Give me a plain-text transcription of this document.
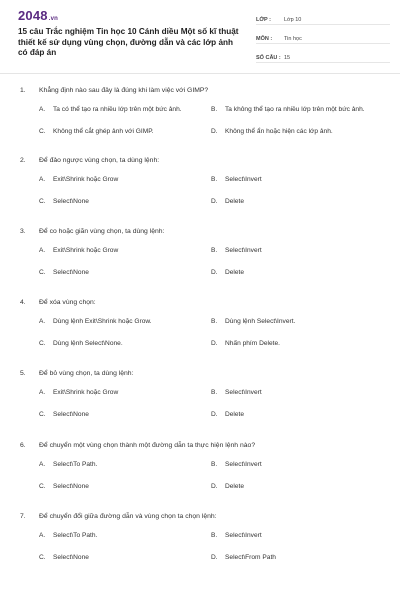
2048.vn
15 câu Trắc nghiệm Tin học 10 Cánh diều Một số kĩ thuật thiết kế sử dụng vùng chọn, đường dẫn và các lớp ảnh có đáp án
LỚP :	Lớp 10
MÔN :	Tin học
SỐ CÂU : 15
1.	Khẳng định nào sau đây là đúng khi làm việc với GIMP?
A.	Ta có thể tạo ra nhiều lớp trên một bức ảnh.	B.	Ta không thể tạo ra nhiều lớp trên một bức ảnh.
C.	Không thể cắt ghép ảnh với GIMP.	D.	Không thể ẩn hoặc hiện các lớp ảnh.
2.	Để đảo ngược vùng chọn, ta dùng lệnh:
A.	Exit\Shrink hoặc Grow	B.	Select\Invert
C.	Select\None	D.	Delete
3.	Để co hoặc giãn vùng chọn, ta dùng lệnh:
A.	Exit\Shrink hoặc Grow	B.	Select\Invert
C.	Select\None	D.	Delete
4.	Để xóa vùng chọn:
A.	Dùng lệnh Exit\Shrink hoặc Grow.	B.	Dùng lệnh Select\Invert.
C.	Dùng lệnh Select\None.	D.	Nhấn phím Delete.
5.	Để bỏ vùng chọn, ta dùng lệnh:
A.	Exit\Shrink hoặc Grow	B.	Select\Invert
C.	Select\None	D.	Delete
6.	Để chuyển một vùng chọn thành một đường dẫn ta thực hiện lệnh nào?
A.	Select\To Path.	B.	Select\Invert
C.	Select\None	D.	Delete
7.	Để chuyển đổi giữa đường dẫn và vùng chọn ta chọn lệnh:
A.	Select\To Path.	B.	Select\Invert
C.	Select\None	D.	Select\From Path
